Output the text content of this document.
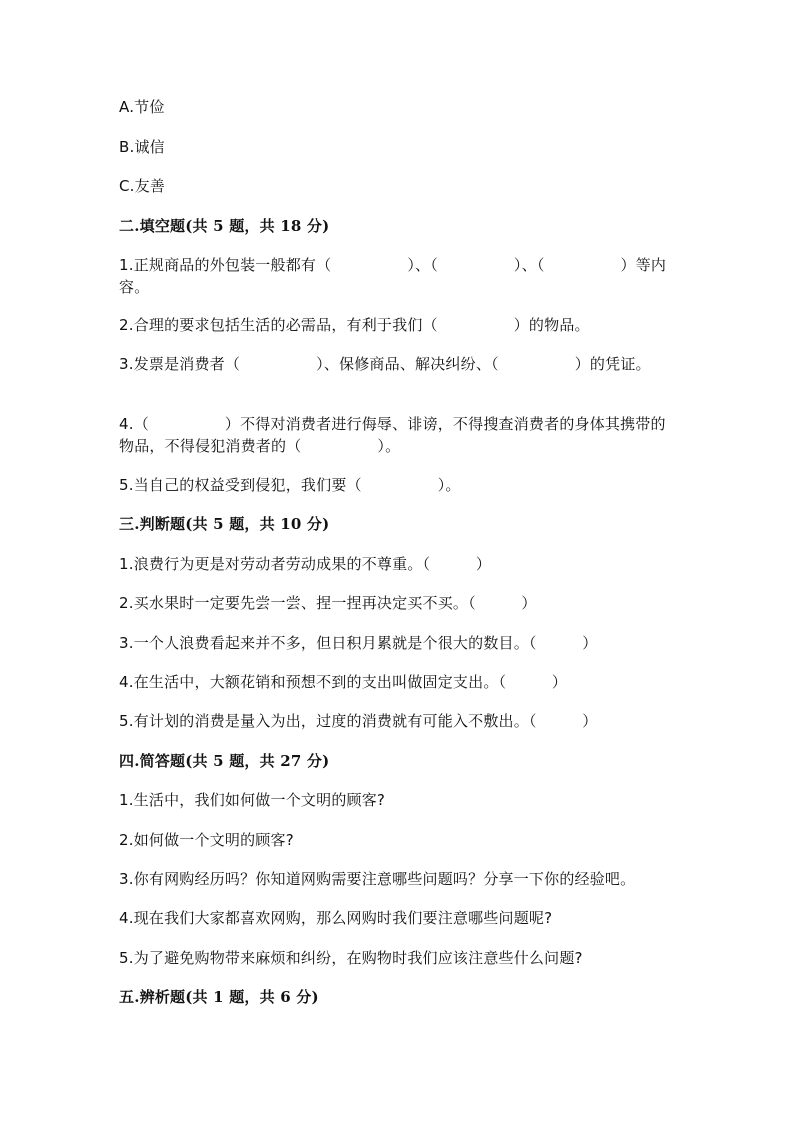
A.节俭
B.诚信
C.友善
二.填空题(共 5 题，共 18 分)
1.正规商品的外包装一般都有（　　　　　）、（　　　　　）、（　　　　　）等内容。
2.合理的要求包括生活的必需品，有利于我们（　　　　　）的物品。
3.发票是消费者（　　　　　）、保修商品、解决纠纷、（　　　　　）的凭证。
4.（　　　　　）不得对消费者进行侮辱、诽谤，不得搜查消费者的身体其携带的物品，不得侵犯消费者的（　　　　　）。
5.当自己的权益受到侵犯，我们要（　　　　　）。
三.判断题(共 5 题，共 10 分)
1.浪费行为更是对劳动者劳动成果的不尊重。（　　　）
2.买水果时一定要先尝一尝、捏一捏再决定买不买。（　　　）
3.一个人浪费看起来并不多，但日积月累就是个很大的数目。（　　　）
4.在生活中，大额花销和预想不到的支出叫做固定支出。（　　　）
5.有计划的消费是量入为出，过度的消费就有可能入不敷出。（　　　）
四.简答题(共 5 题，共 27 分)
1.生活中，我们如何做一个文明的顾客?
2.如何做一个文明的顾客?
3.你有网购经历吗？你知道网购需要注意哪些问题吗？分享一下你的经验吧。
4.现在我们大家都喜欢网购，那么网购时我们要注意哪些问题呢?
5.为了避免购物带来麻烦和纠纷，在购物时我们应该注意些什么问题?
五.辨析题(共 1 题，共 6 分)
